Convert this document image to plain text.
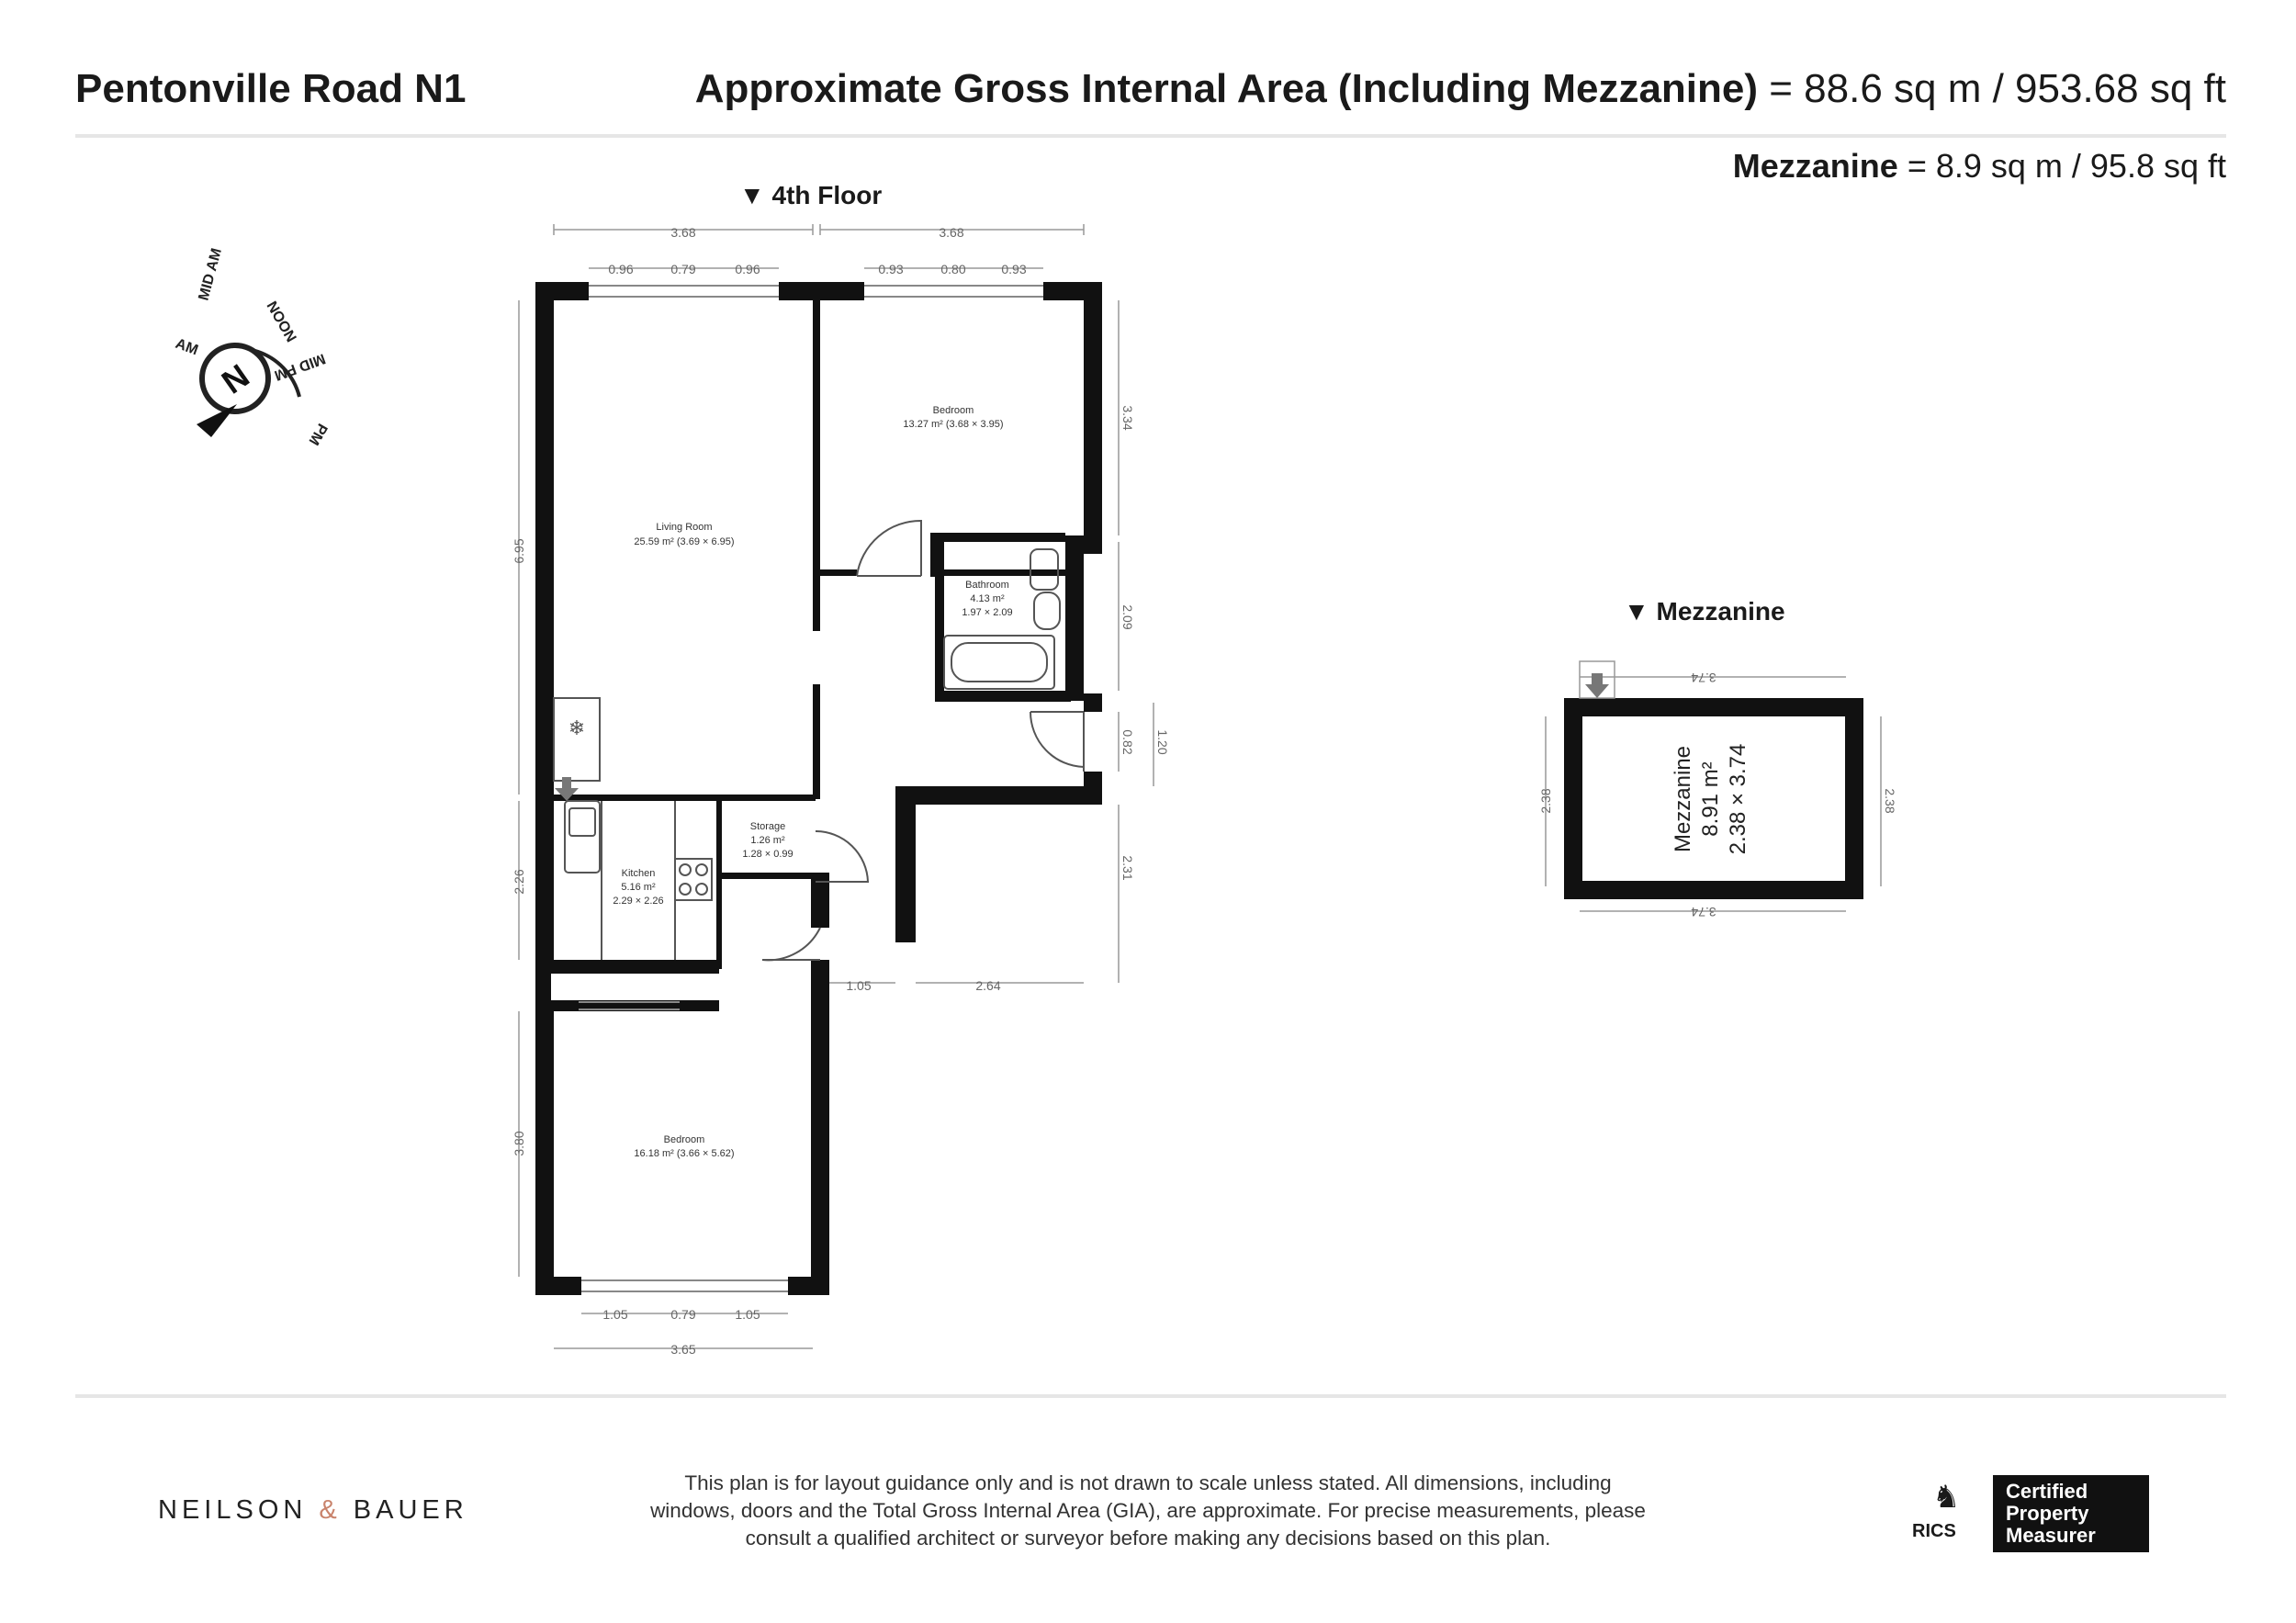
Pentonville Road N1	Approximate Gross Internal Area (Including Mezzanine) = 88.6 sq m / 953.68 sq ft
Mezzanine = 8.9 sq m / 95.8 sq ft
▼ 4th Floor
▼ Mezzanine
N
AM
MID AM
NOON
MID PM
PM
❄
Living Room
25.59 m² (3.69 × 6.95)
Bedroom
13.27 m² (3.68 × 3.95)
Bathroom
4.13 m²
1.97 × 2.09
Storage
1.26 m²
1.28 × 0.99
Kitchen
5.16 m²
2.29 × 2.26
Bedroom
16.18 m² (3.66 × 5.62)
3.68	3.68
0.96	0.79	0.96	0.93	0.80	0.93
6.95
2.26
3.80
3.34
2.09
0.82 1.20
2.31
1.05	2.64
1.05	0.79	1.05
3.65
3.74
3.74
2.38	2.38
Mezzanine 8.91 m² 2.38 × 3.74
NEILSON & BAUER
This plan is for layout guidance only and is not drawn to scale unless stated. All dimensions, including windows, doors and the Total Gross Internal Area (GIA), are approximate. For precise measurements, please consult a qualified architect or surveyor before making any decisions based on this plan.
♞
RICS
Certified
Property
Measurer
